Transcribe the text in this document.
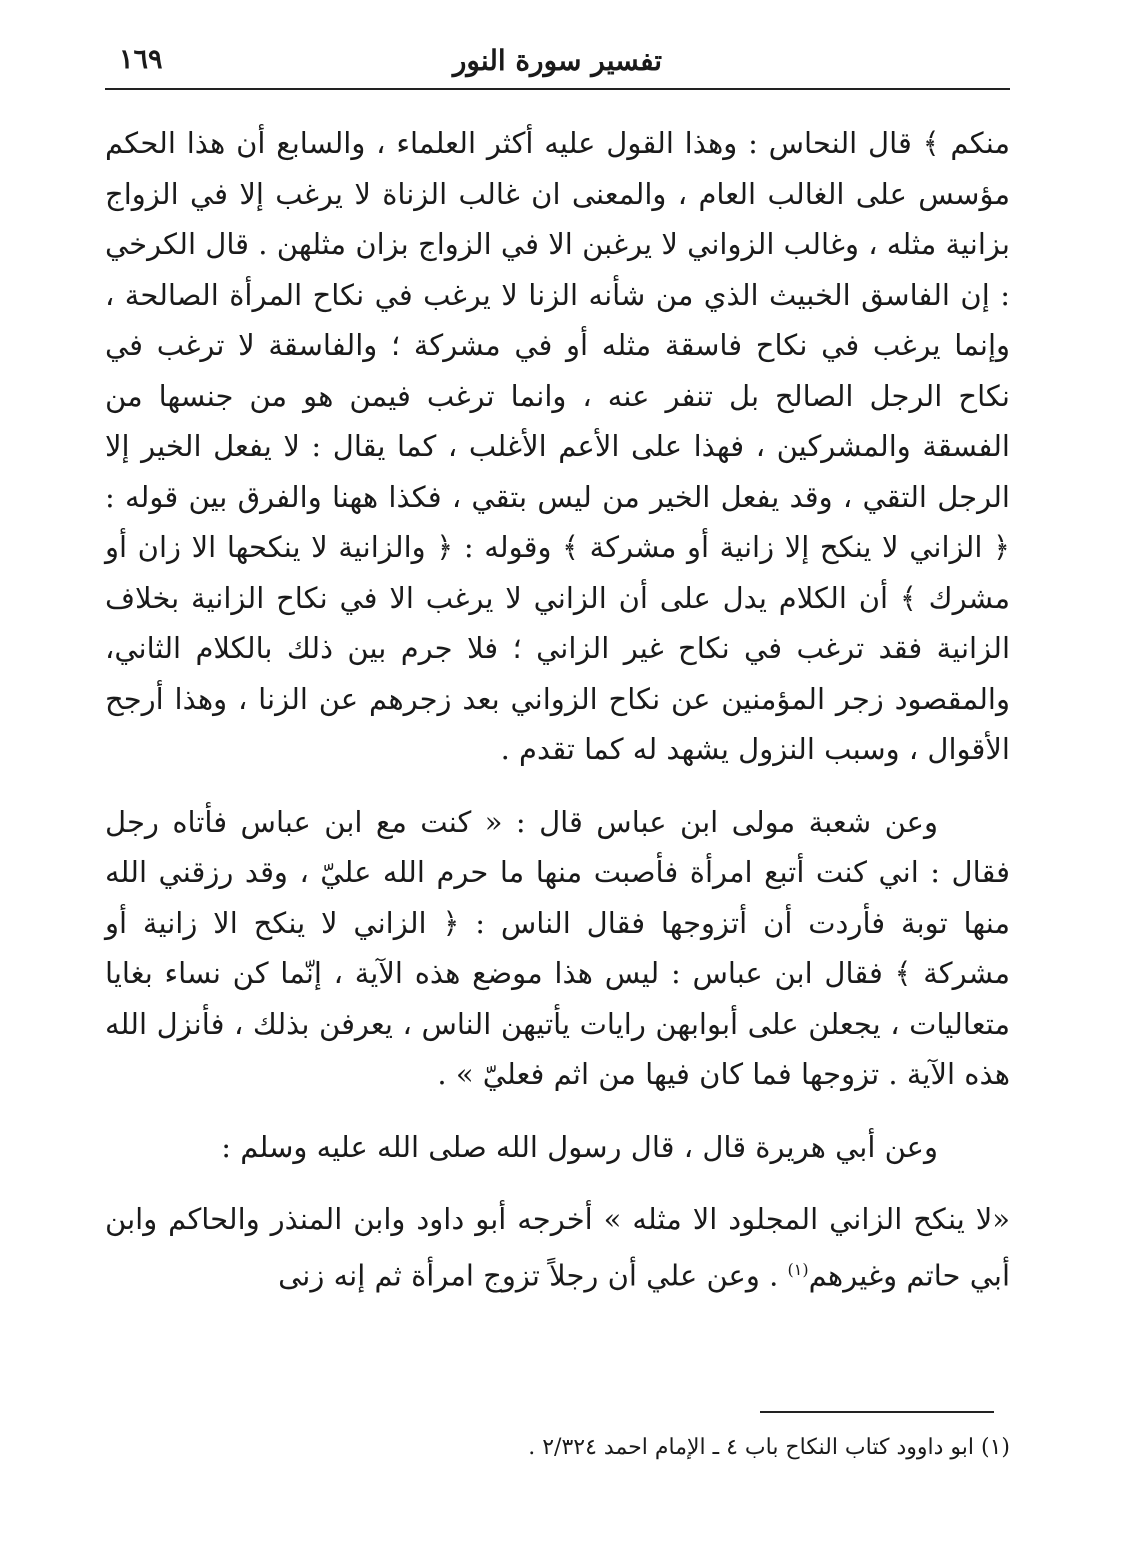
١٦٩	تفسير سورة النور

منكم ﴾ قال النحاس : وهذا القول عليه أكثر العلماء ، والسابع أن هذا الحكم مؤسس على الغالب العام ، والمعنى ان غالب الزناة لا يرغب إلا في الزواج بزانية مثله ، وغالب الزواني لا يرغبن الا في الزواج بزان مثلهن . قال الكرخي : إن الفاسق الخبيث الذي من شأنه الزنا لا يرغب في نكاح المرأة الصالحة ، وإنما يرغب في نكاح فاسقة مثله أو في مشركة ؛ والفاسقة لا ترغب في نكاح الرجل الصالح بل تنفر عنه ، وانما ترغب فيمن هو من جنسها من الفسقة والمشركين ، فهذا على الأعم الأغلب ، كما يقال : لا يفعل الخير إلا الرجل التقي ، وقد يفعل الخير من ليس بتقي ، فكذا ههنا والفرق بين قوله : ﴿ الزاني لا ينكح إلا زانية أو مشركة ﴾ وقوله : ﴿ والزانية لا ينكحها الا زان أو مشرك ﴾ أن الكلام يدل على أن الزاني لا يرغب الا في نكاح الزانية بخلاف الزانية فقد ترغب في نكاح غير الزاني ؛ فلا جرم بين ذلك بالكلام الثاني، والمقصود زجر المؤمنين عن نكاح الزواني بعد زجرهم عن الزنا ، وهذا أرجح الأقوال ، وسبب النزول يشهد له كما تقدم .

وعن شعبة مولى ابن عباس قال : « كنت مع ابن عباس فأتاه رجل فقال : اني كنت أتبع امرأة فأصبت منها ما حرم الله عليّ ، وقد رزقني الله منها توبة فأردت أن أتزوجها فقال الناس : ﴿ الزاني لا ينكح الا زانية أو مشركة ﴾ فقال ابن عباس : ليس هذا موضع هذه الآية ، إنّما كن نساء بغايا متعاليات ، يجعلن على أبوابهن رايات يأتيهن الناس ، يعرفن بذلك ، فأنزل الله هذه الآية . تزوجها فما كان فيها من اثم فعليّ » .

وعن أبي هريرة قال ، قال رسول الله صلى الله عليه وسلم :

«لا ينكح الزاني المجلود الا مثله » أخرجه أبو داود وابن المنذر والحاكم وابن أبي حاتم وغيرهم$^{(١)}$ . وعن علي أن رجلاً تزوج امرأة ثم إنه زنى

(١) ابو داوود كتاب النكاح باب ٤ ـ الإمام احمد ٢/٣٢٤ .
